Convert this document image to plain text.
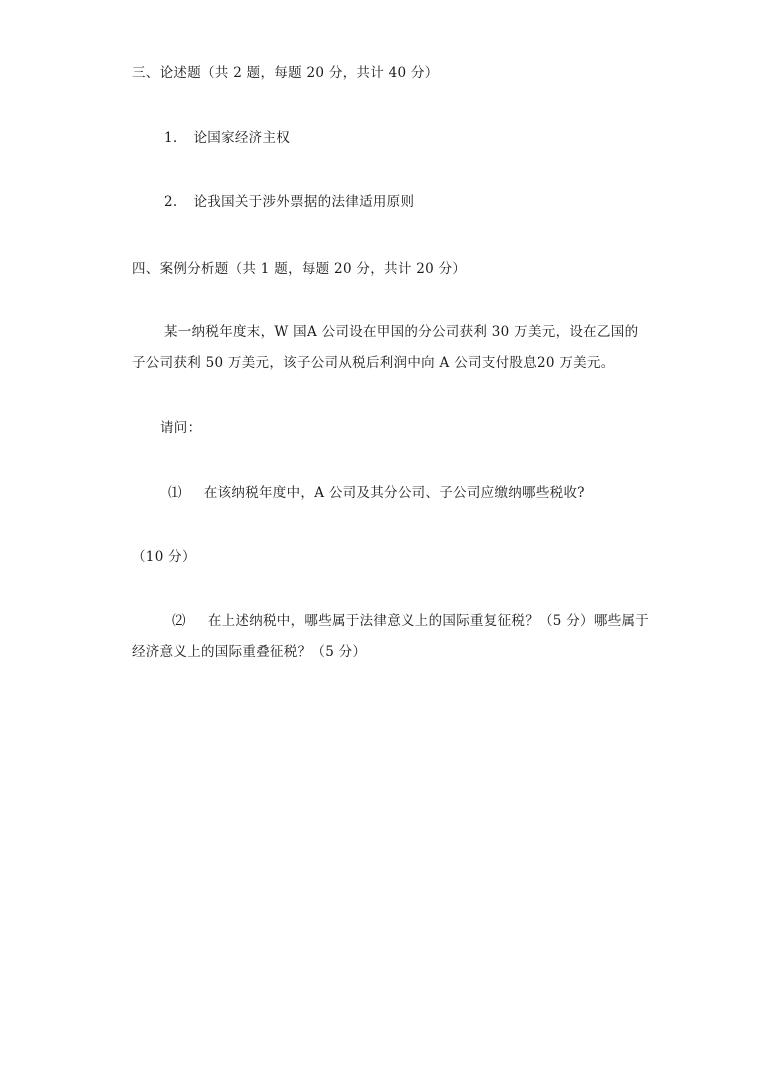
三、论述题（共 2 题，每题 20 分，共计 40 分）
1. 论国家经济主权
2. 论我国关于涉外票据的法律适用原则
四、案例分析题（共 1 题，每题 20 分，共计 20 分）
某一纳税年度末，W 国A 公司设在甲国的分公司获利 30 万美元，设在乙国的
子公司获利 50 万美元，该子公司从税后利润中向 A 公司支付股息20 万美元。
请问：
⑴ 在该纳税年度中，A 公司及其分公司、子公司应缴纳哪些税收?
（10 分）
⑵ 在上述纳税中，哪些属于法律意义上的国际重复征税？（5 分）哪些属于
经济意义上的国际重叠征税？（5 分）
